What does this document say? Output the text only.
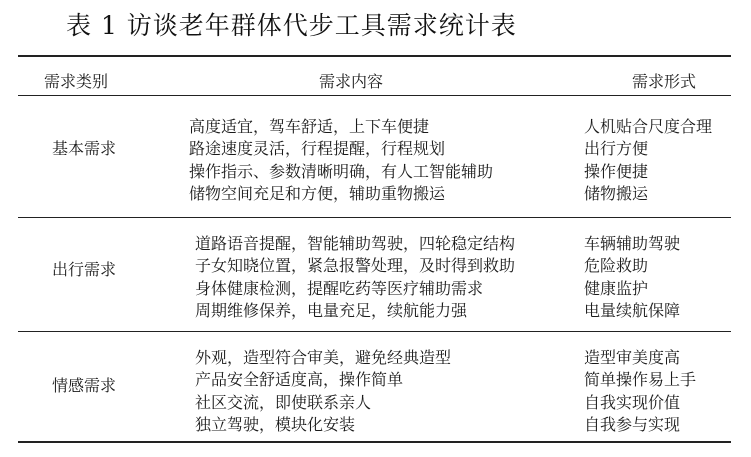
表 1 访谈老年群体代步工具需求统计表
需求类别	需求内容	需求形式
基本需求
高度适宜，驾车舒适，上下车便捷
路途速度灵活，行程提醒，行程规划
操作指示、参数清晰明确，有人工智能辅助
储物空间充足和方便，辅助重物搬运
人机贴合尺度合理
出行方便
操作便捷
储物搬运
出行需求
道路语音提醒，智能辅助驾驶，四轮稳定结构
子女知晓位置，紧急报警处理，及时得到救助
身体健康检测，提醒吃药等医疗辅助需求
周期维修保养，电量充足，续航能力强
车辆辅助驾驶
危险救助
健康监护
电量续航保障
情感需求
外观，造型符合审美，避免经典造型
产品安全舒适度高，操作简单
社区交流，即使联系亲人
独立驾驶，模块化安装
造型审美度高
简单操作易上手
自我实现价值
自我参与实现
